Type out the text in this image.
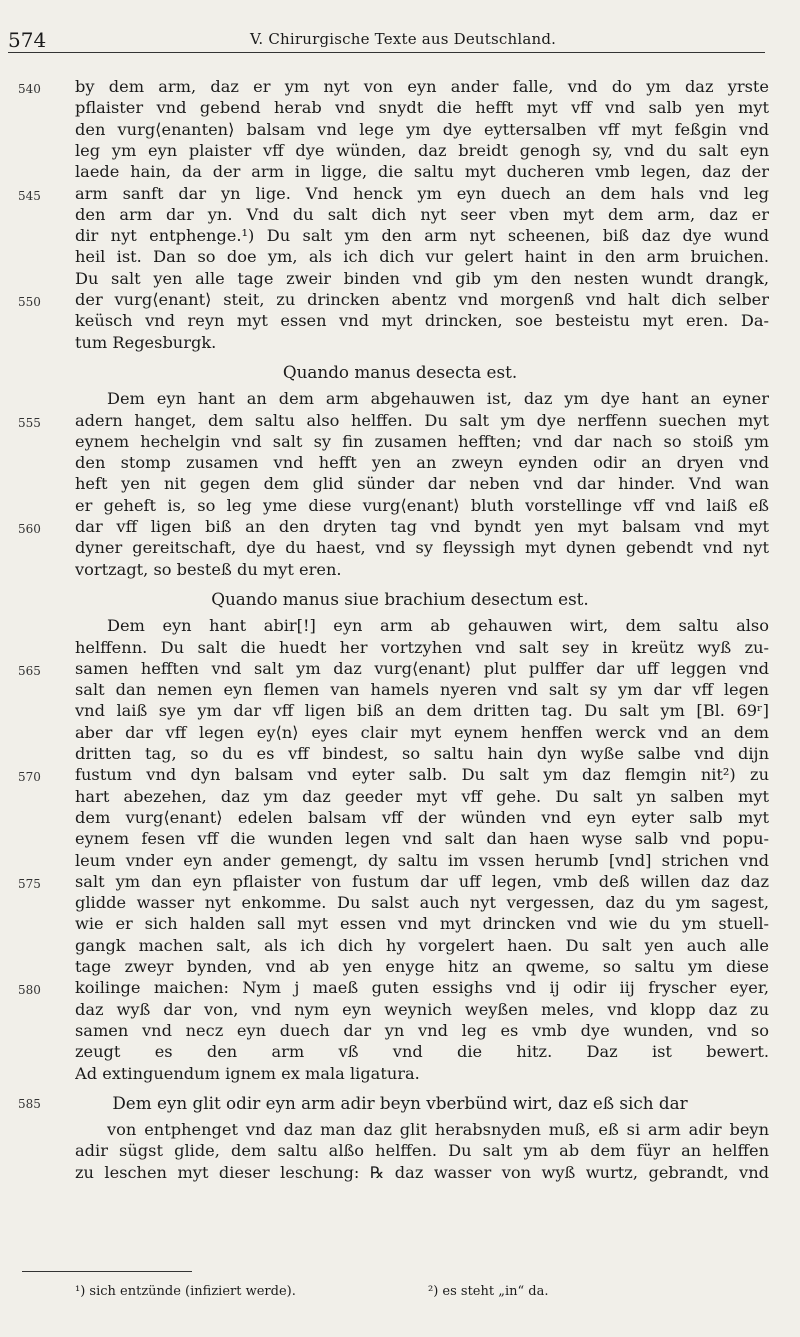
574	V. Chirurgische Texte aus Deutschland.
by dem arm, daz er ym nyt von eyn ander falle, vnd do ym daz yrste
pflaister vnd gebend herab vnd snydt die hefft myt vff vnd salb yen myt
den vurg⟨enanten⟩ balsam vnd lege ym dye eyttersalben vff myt feßgin vnd
leg ym eyn plaister vff dye wünden, daz breidt genogh sy, vnd du salt eyn
laede hain, da der arm in ligge, die saltu myt ducheren vmb legen, daz der
arm sanft dar yn lige. Vnd henck ym eyn duech an dem hals vnd leg
den arm dar yn. Vnd du salt dich nyt seer vben myt dem arm, daz er
dir nyt entphenge.¹) Du salt ym den arm nyt scheenen, biß daz dye wund
heil ist. Dan so doe ym, als ich dich vur gelert haint in den arm bruichen.
Du salt yen alle tage zweir binden vnd gib ym den nesten wundt drangk,
der vurg⟨enant⟩ steit, zu drincken abentz vnd morgenß vnd halt dich selber
keüsch vnd reyn myt essen vnd myt drincken, soe besteistu myt eren. Da-
tum Regesburgk.
Quando manus desecta est.
Dem eyn hant an dem arm abgehauwen ist, daz ym dye hant an eyner
adern hanget, dem saltu also helffen. Du salt ym dye nerffenn suechen myt
eynem hechelgin vnd salt sy fin zusamen hefften; vnd dar nach so stoiß ym
den stomp zusamen vnd hefft yen an zweyn eynden odir an dryen vnd
heft yen nit gegen dem glid sünder dar neben vnd dar hinder. Vnd wan
er geheft is, so leg yme diese vurg⟨enant⟩ bluth vorstellinge vff vnd laiß eß
dar vff ligen biß an den dryten tag vnd byndt yen myt balsam vnd myt
dyner gereitschaft, dye du haest, vnd sy fleyssigh myt dynen gebendt vnd nyt
vortzagt, so besteß du myt eren.
Quando manus siue brachium desectum est.
Dem eyn hant abir[!] eyn arm ab gehauwen wirt, dem saltu also
helffenn. Du salt die huedt her vortzyhen vnd salt sey in kreütz wyß zu-
samen hefften vnd salt ym daz vurg⟨enant⟩ plut pulffer dar uff leggen vnd
salt dan nemen eyn flemen van hamels nyeren vnd salt sy ym dar vff legen
vnd laiß sye ym dar vff ligen biß an dem dritten tag. Du salt ym [Bl. 69ʳ]
aber dar vff legen ey⟨n⟩ eyes clair myt eynem henffen werck vnd an dem
dritten tag, so du es vff bindest, so saltu hain dyn wyße salbe vnd dijn
fustum vnd dyn balsam vnd eyter salb. Du salt ym daz flemgin nit²) zu
hart abezehen, daz ym daz geeder myt vff gehe. Du salt yn salben myt
dem vurg⟨enant⟩ edelen balsam vff der wünden vnd eyn eyter salb myt
eynem fesen vff die wunden legen vnd salt dan haen wyse salb vnd popu-
leum vnder eyn ander gemengt, dy saltu im vssen herumb [vnd] strichen vnd
salt ym dan eyn pflaister von fustum dar uff legen, vmb deß willen daz daz
glidde wasser nyt enkomme. Du salst auch nyt vergessen, daz du ym sagest,
wie er sich halden sall myt essen vnd myt drincken vnd wie du ym stuell-
gangk machen salt, als ich dich hy vorgelert haen. Du salt yen auch alle
tage zweyr bynden, vnd ab yen enyge hitz an qweme, so saltu ym diese
koilinge maichen: Nym j maeß guten essighs vnd ij odir iij fryscher eyer,
daz wyß dar von, vnd nym eyn weynich weyßen meles, vnd klopp daz zu
samen vnd necz eyn duech dar yn vnd leg es vmb dye wunden, vnd so
zeugt es den arm vß vnd die hitz. Daz ist bewert.
Ad extinguendum ignem ex mala ligatura.
Dem eyn glit odir eyn arm adir beyn vberbünd wirt, daz eß sich dar
von entphenget vnd daz man daz glit herabsnyden muß, eß si arm adir beyn
adir sügst glide, dem saltu alßo helffen. Du salt ym ab dem füyr an helffen
zu leschen myt dieser leschung: ℞ daz wasser von wyß wurtz, gebrandt, vnd
540
545
550
555
560
565
570
575
580
585
¹) sich entzünde (infiziert werde).	²) es steht „in“ da.
